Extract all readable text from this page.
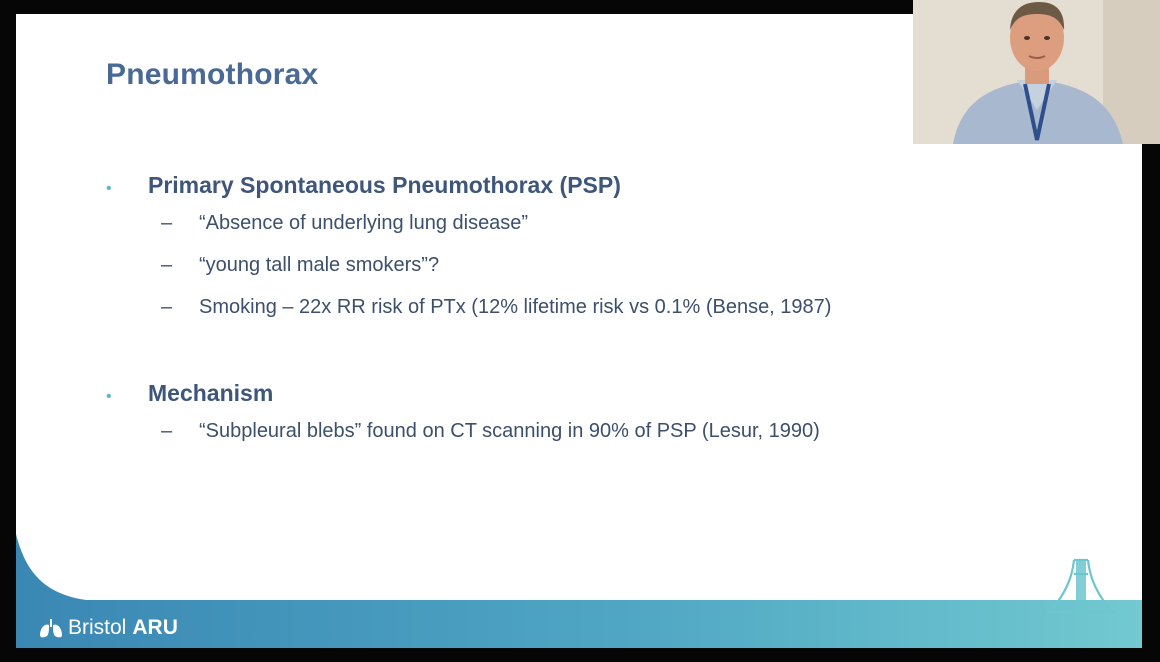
Pneumothorax
•	Primary Spontaneous Pneumothorax (PSP)
–	“Absence of underlying lung disease”
–	“young tall male smokers”?
–	Smoking – 22x RR risk of PTx (12% lifetime risk vs 0.1% (Bense, 1987)
•	Mechanism
–	“Subpleural blebs” found on CT scanning in 90% of PSP (Lesur, 1990)
Bristol ARU
